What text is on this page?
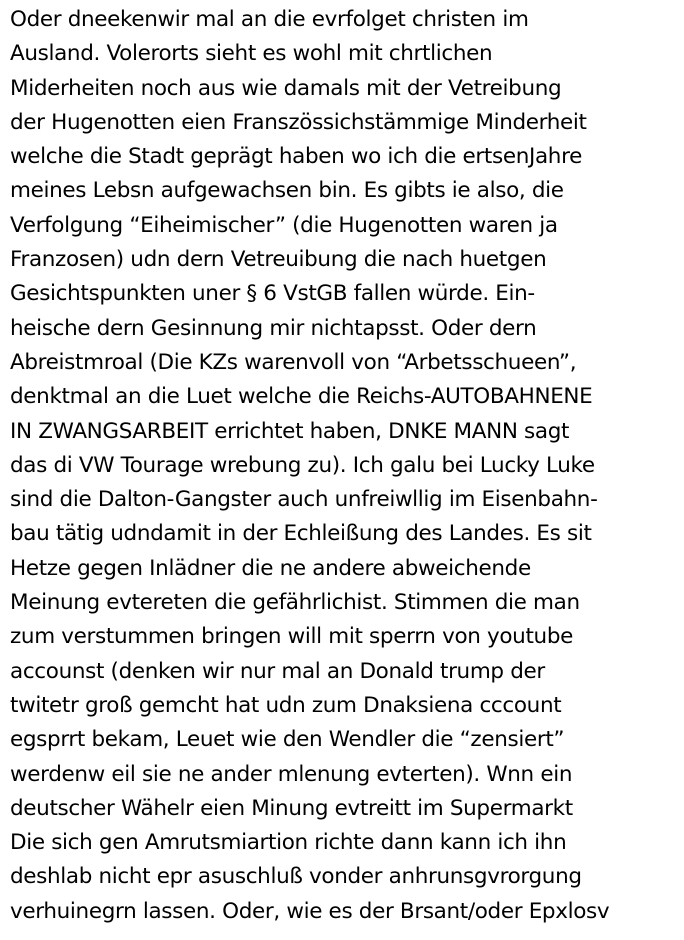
Oder dneekenwir mal an die evrfolget christen im
Ausland. Volerorts sieht es wohl mit chrtlichen
Miderheiten noch aus wie damals mit der Vetreibung
der Hugenotten eien Franszössichstämmige Minderheit
welche die Stadt geprägt haben wo ich die ertsenJahre
meines Lebsn aufgewachsen bin. Es gibts ie also, die
Verfolgung “Eiheimischer” (die Hugenotten waren ja
Franzosen) udn dern Vetreuibung die nach huetgen
Gesichtspunkten uner § 6 VstGB fallen würde. Ein-
heische dern Gesinnung mir nichtapsst. Oder dern
Abreistmroal (Die KZs warenvoll von “Arbetsschueen”,
denktmal an die Luet welche die Reichs-AUTOBAHNENE
IN ZWANGSARBEIT errichtet haben, DNKE MANN sagt
das di VW Tourage wrebung zu). Ich galu bei Lucky Luke
sind die Dalton-Gangster auch unfreiwllig im Eisenbahn-
bau tätig udndamit in der Echleißung des Landes. Es sit
Hetze gegen Inlädner die ne andere abweichende
Meinung evtereten die gefährlichist. Stimmen die man
zum verstummen bringen will mit sperrn von youtube
accounst (denken wir nur mal an Donald trump der
twitetr groß gemcht hat udn zum Dnaksiena cccount
egsprrt bekam, Leuet wie den Wendler die “zensiert”
werdenw eil sie ne ander mlenung evterten). Wnn ein
deutscher Wähelr eien Minung evtreitt im Supermarkt
Die sich gen Amrutsmiartion richte dann kann ich ihn
deshlab nicht epr asuschluß vonder anhrunsgvrorgung
verhuinegrn lassen. Oder, wie es der Brsant/oder Epxlosv
